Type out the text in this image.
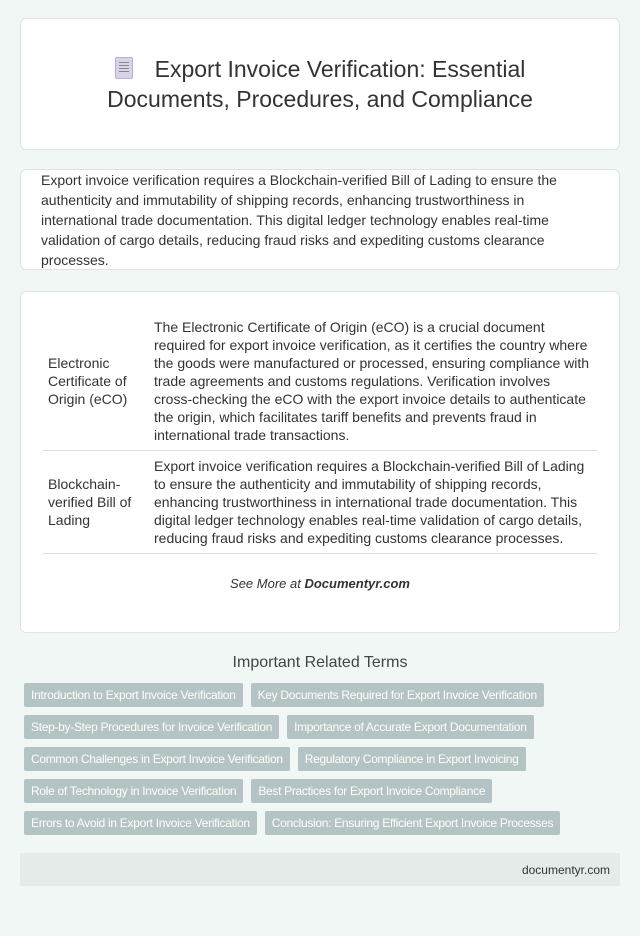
Export Invoice Verification: Essential Documents, Procedures, and Compliance

Export invoice verification requires a Blockchain-verified Bill of Lading to ensure the authenticity and immutability of shipping records, enhancing trustworthiness in international trade documentation. This digital ledger technology enables real-time validation of cargo details, reducing fraud risks and expediting customs clearance processes.

Electronic Certificate of Origin (eCO)	The Electronic Certificate of Origin (eCO) is a crucial document required for export invoice verification, as it certifies the country where the goods were manufactured or processed, ensuring compliance with trade agreements and customs regulations. Verification involves cross-checking the eCO with the export invoice details to authenticate the origin, which facilitates tariff benefits and prevents fraud in international trade transactions.
Blockchain-verified Bill of Lading	Export invoice verification requires a Blockchain-verified Bill of Lading to ensure the authenticity and immutability of shipping records, enhancing trustworthiness in international trade documentation. This digital ledger technology enables real-time validation of cargo details, reducing fraud risks and expediting customs clearance processes.
See More at Documentyr.com
Important Related Terms
Introduction to Export Invoice Verification	Key Documents Required for Export Invoice Verification
Step-by-Step Procedures for Invoice Verification	Importance of Accurate Export Documentation
Common Challenges in Export Invoice Verification	Regulatory Compliance in Export Invoicing
Role of Technology in Invoice Verification	Best Practices for Export Invoice Compliance
Errors to Avoid in Export Invoice Verification	Conclusion: Ensuring Efficient Export Invoice Processes
documentyr.com
